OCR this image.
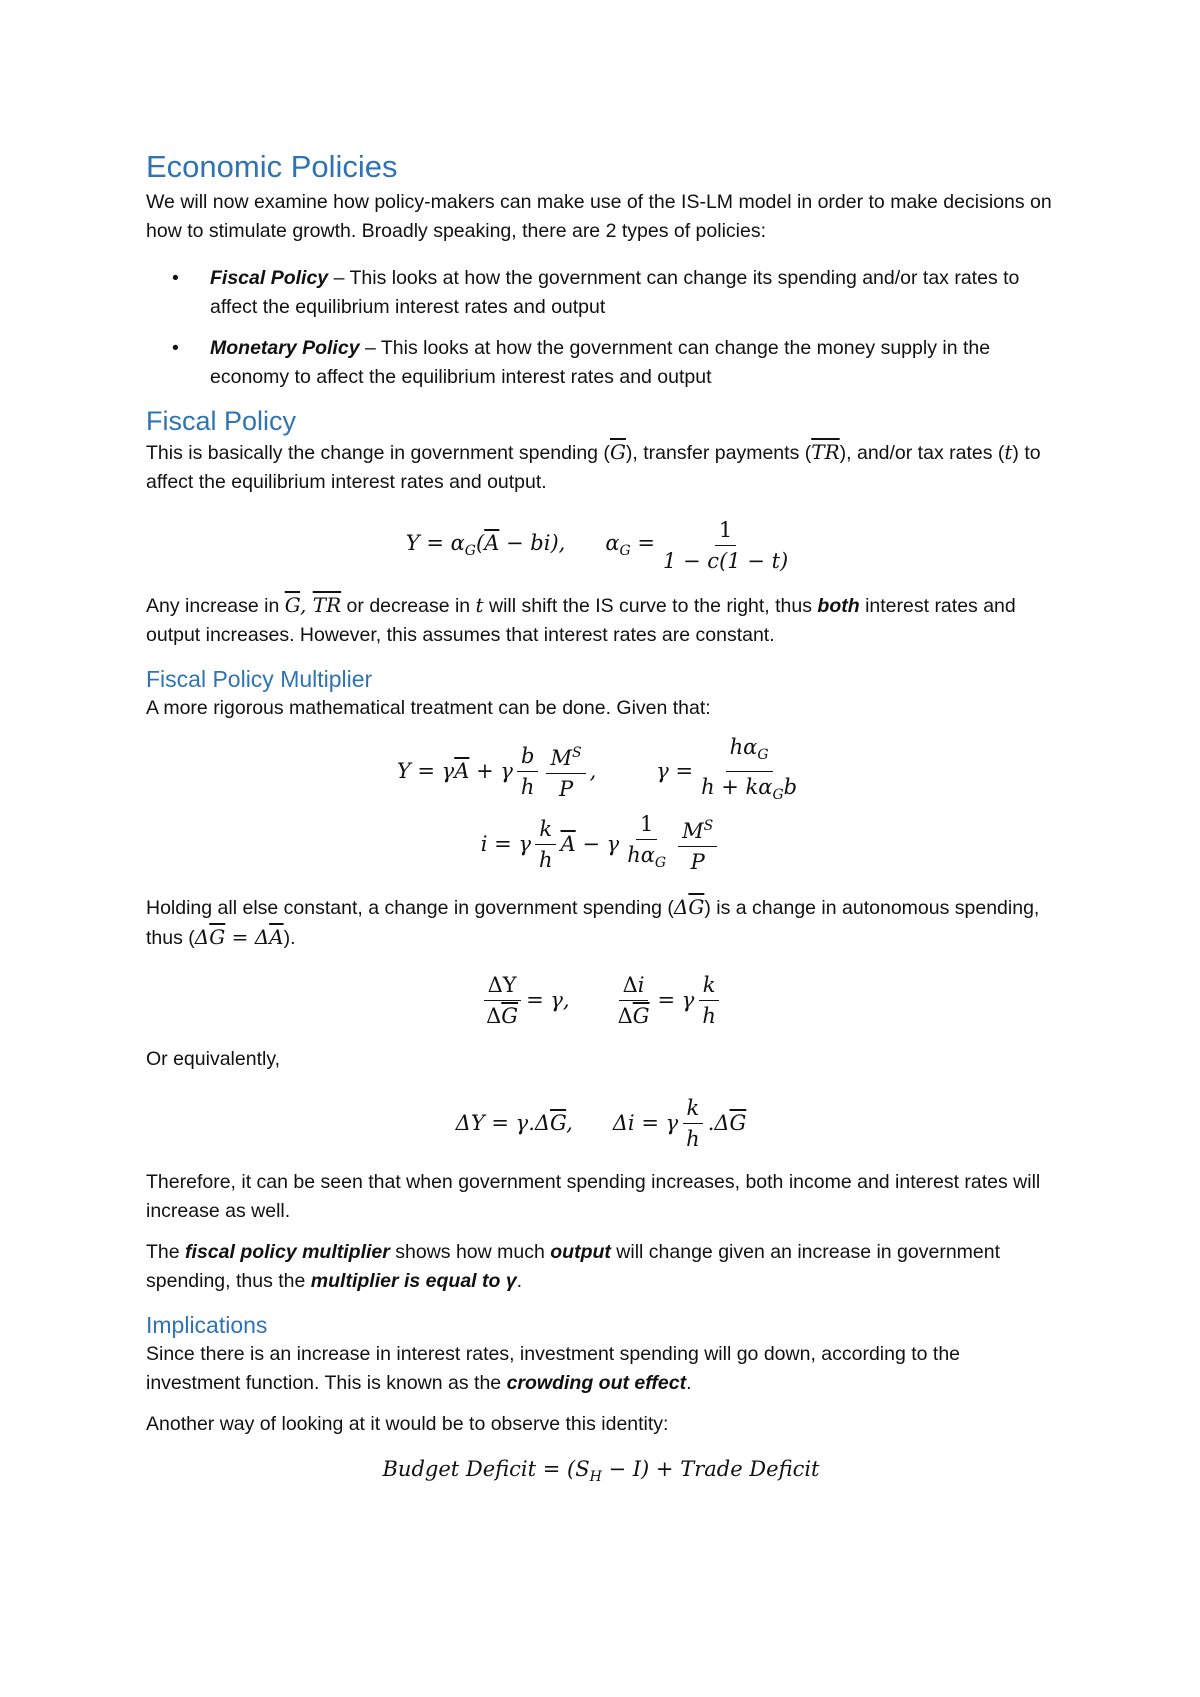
Economic Policies

We will now examine how policy-makers can make use of the IS-LM model in order to make decisions on how to stimulate growth. Broadly speaking, there are 2 types of policies:

• Fiscal Policy – This looks at how the government can change its spending and/or tax rates to affect the equilibrium interest rates and output
• Monetary Policy – This looks at how the government can change the money supply in the economy to affect the equilibrium interest rates and output
Fiscal Policy

This is basically the change in government spending $(\overline{G})$, transfer payments $(\overline{TR})$, and/or tax rates (t) to affect the equilibrium interest rates and output.

$Y = \alpha_G(\overline{A} - bi)$, $\alpha_G = \frac{1}{1 - c(1 - t)}$

Any increase in $\overline{G}$, $\overline{TR}$ or decrease in t will shift the IS curve to the right, thus both interest rates and output increases. However, this assumes that interest rates are constant.

Fiscal Policy Multiplier

A more rigorous mathematical treatment can be done. Given that:

$Y = \gamma\overline{A} + \gamma \frac{b}{h} \frac{M^S}{P}$ ,	$\gamma = \frac{h\alpha_G}{h + k\alpha_Gb}$
i = γ $\frac{k}{h} \overline{A} - \gamma \frac{1}{h\alpha_G} \frac{M^S}{P}$

Holding all else constant, a change in government spending $(\Delta\overline{G})$ is a change in autonomous spending, thus $(\Delta\overline{G} = \Delta\overline{A})$.

$\frac{\Delta Y}{\Delta\overline{G}} = \gamma$, $\frac{\Delta i}{\Delta\overline{G}} = \gamma \frac{k}{h}$

Or equivalently,

$\Delta Y = \gamma.\Delta\overline{G}$, Δi = γ $\frac{k}{h} .\Delta\overline{G}$

Therefore, it can be seen that when government spending increases, both income and interest rates will increase as well.

The fiscal policy multiplier shows how much output will change given an increase in government spending, thus the multiplier is equal to γ.

Implications

Since there is an increase in interest rates, investment spending will go down, according to the investment function. This is known as the crowding out effect.

Another way of looking at it would be to observe this identity:

Budget Deficit = $(S_H - I)$ + Trade Deficit
